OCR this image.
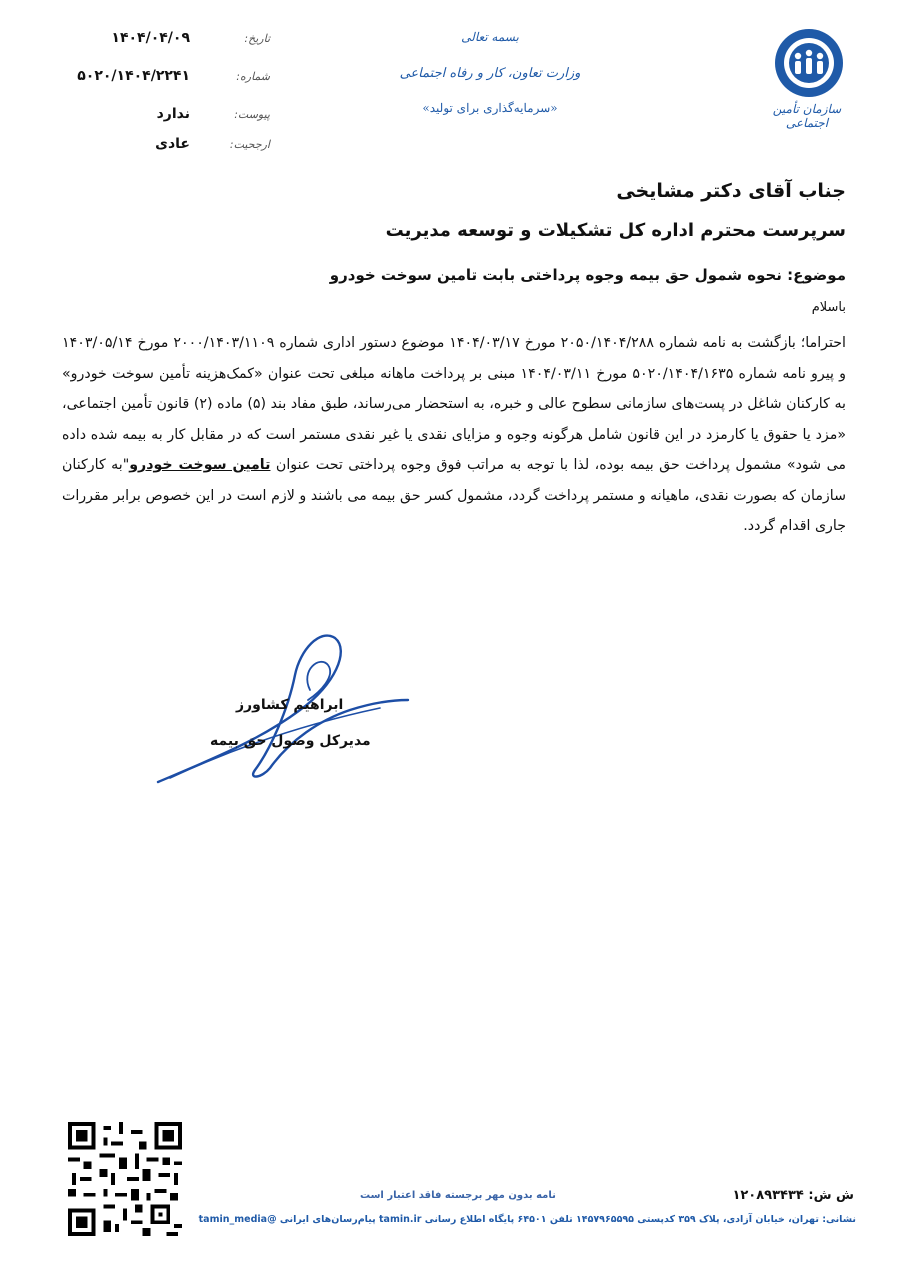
سازمان تأمین اجتماعی
بسمه تعالی
وزارت تعاون، کار و رفاه اجتماعی
«سرمایه‌گذاری برای تولید»
تاریخ:
۱۴۰۴/۰۴/۰۹
شماره:
۵۰۲۰/۱۴۰۴/۲۲۴۱
پیوست:
ندارد
ارجحیت:
عادی
جناب آقای دکتر مشایخی
سرپرست محترم اداره کل تشکیلات و توسعه مدیریت
موضوع: نحوه شمول حق بیمه وجوه پرداختی بابت تامین سوخت خودرو
باسلام
احتراما؛ بازگشت به نامه شماره ۲۰۵۰/۱۴۰۴/۲۸۸ مورخ ۱۴۰۴/۰۳/۱۷ موضوع دستور اداری شماره ۲۰۰۰/۱۴۰۳/۱۱۰۹ مورخ ۱۴۰۳/۰۵/۱۴ و پیرو نامه شماره ۵۰۲۰/۱۴۰۴/۱۶۳۵ مورخ ۱۴۰۴/۰۳/۱۱ مبنی بر پرداخت ماهانه مبلغی تحت عنوان «کمک‌هزینه تأمین سوخت خودرو» به کارکنان شاغل در پست‌های سازمانی سطوح عالی و خبره، به استحضار می‌رساند، طبق مفاد بند (۵) ماده (۲) قانون تأمین اجتماعی، «مزد یا حقوق یا کارمزد در این قانون شامل هرگونه وجوه و مزایای نقدی یا غیر نقدی مستمر است که در مقابل کار به بیمه شده داده می شود» مشمول پرداخت حق بیمه بوده، لذا با توجه به مراتب فوق وجوه پرداختی تحت عنوان تامین سوخت خودرو"به کارکنان سازمان که بصورت نقدی، ماهیانه و مستمر پرداخت گردد، مشمول کسر حق بیمه می باشند و لازم است در این خصوص برابر مقررات جاری اقدام گردد.
ابراهیم کشاورز
مدیرکل وصول حق بیمه
ش ش: ۱۲۰۸۹۳۴۳۴
نامه بدون مهر برجسته فاقد اعتبار است
نشانی: تهران، خیابان آزادی، پلاک ۳۵۹ کدپستی ۱۴۵۷۹۶۵۵۹۵ تلفن ۶۴۵۰۱ پایگاه اطلاع رسانی tamin.ir پیام‌رسان‌های ایرانی @tamin_media
